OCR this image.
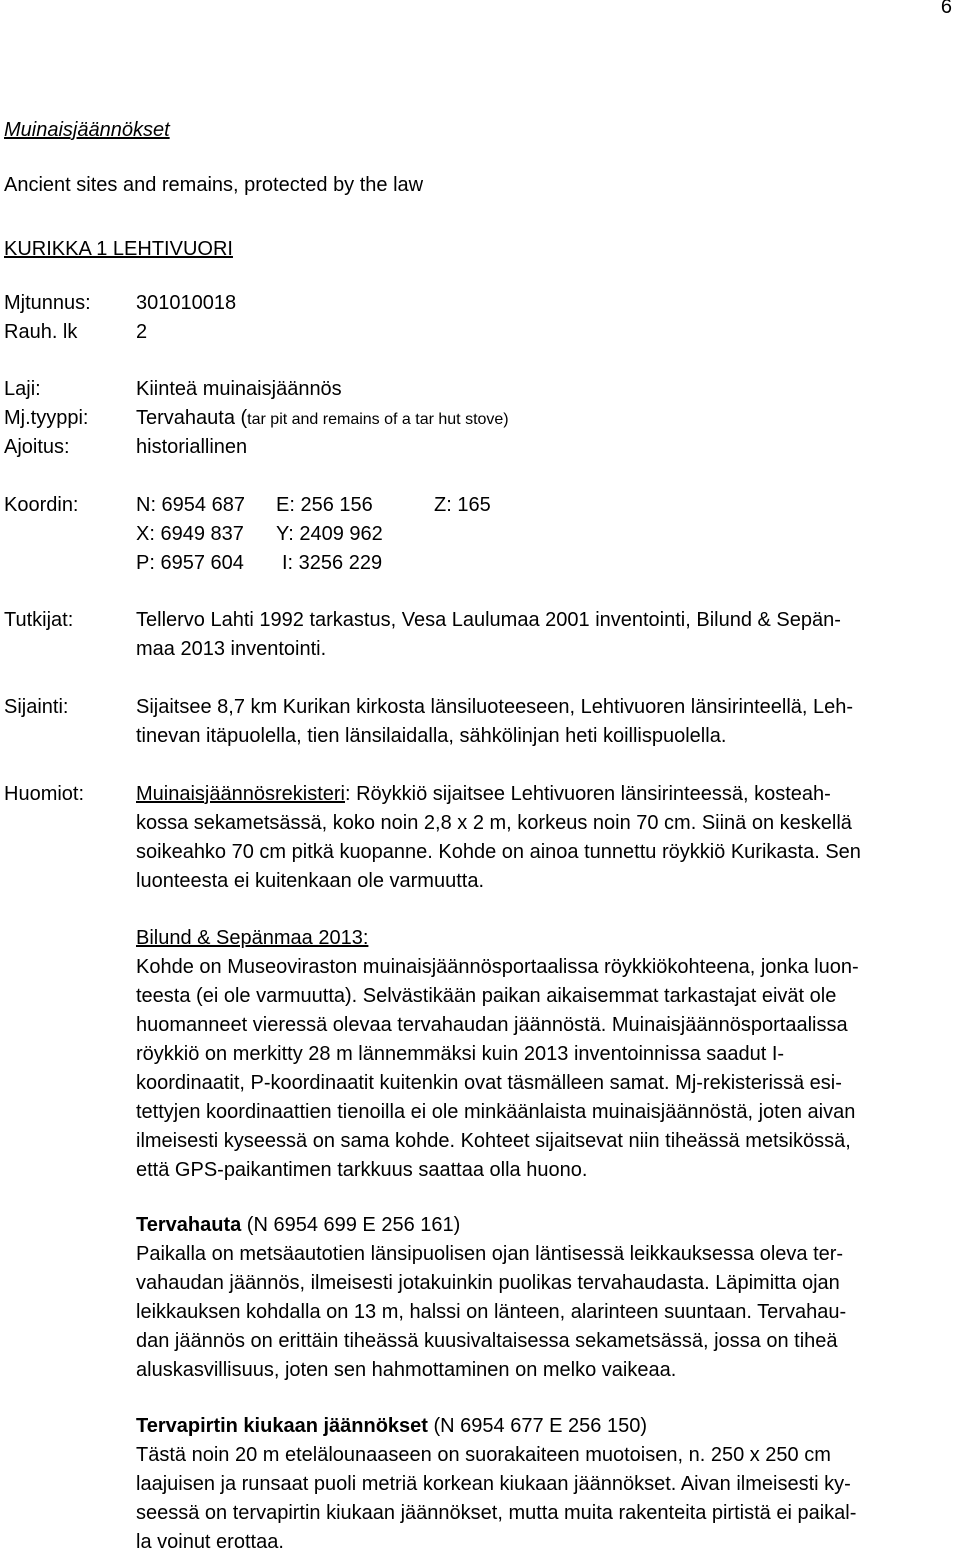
6
Muinaisjäännökset
Ancient sites and remains, protected by the law
KURIKKA 1 LEHTIVUORI
Mjtunnus: 301010018
Rauh. lk	2
Laji:	Kiinteä muinaisjäännös
Mj.tyyppi: Tervahauta (tar pit and remains of a tar hut stove)
Ajoitus:	historiallinen
Koordin:	N: 6954 687 E: 256 156	Z: 165
X: 6949 837 Y: 2409 962
P: 6957 604 I: 3256 229
Tutkijat:	Tellervo Lahti 1992 tarkastus, Vesa Laulumaa 2001 inventointi, Bilund & Sepän-
maa 2013 inventointi.
Sijainti:	Sijaitsee 8,7 km Kurikan kirkosta länsiluoteeseen, Lehtivuoren länsirinteellä, Leh-
tinevan itäpuolella, tien länsilaidalla, sähkölinjan heti koillispuolella.
Huomiot:	Muinaisjäännösrekisteri: Röykkiö sijaitsee Lehtivuoren länsirinteessä, kosteah-
kossa sekametsässä, koko noin 2,8 x 2 m, korkeus noin 70 cm. Siinä on keskellä
soikeahko 70 cm pitkä kuopanne. Kohde on ainoa tunnettu röykkiö Kurikasta. Sen
luonteesta ei kuitenkaan ole varmuutta.
Bilund & Sepänmaa 2013:
Kohde on Museoviraston muinaisjäännösportaalissa röykkiökohteena, jonka luon-
teesta (ei ole varmuutta). Selvästikään paikan aikaisemmat tarkastajat eivät ole
huomanneet vieressä olevaa tervahaudan jäännöstä. Muinaisjäännösportaalissa
röykkiö on merkitty 28 m lännemmäksi kuin 2013 inventoinnissa saadut I-
koordinaatit, P-koordinaatit kuitenkin ovat täsmälleen samat. Mj-rekisterissä esi-
tettyjen koordinaattien tienoilla ei ole minkäänlaista muinaisjäännöstä, joten aivan
ilmeisesti kyseessä on sama kohde. Kohteet sijaitsevat niin tiheässä metsikössä,
että GPS-paikantimen tarkkuus saattaa olla huono.
Tervahauta (N 6954 699 E 256 161)
Paikalla on metsäautotien länsipuolisen ojan läntisessä leikkauksessa oleva ter-
vahaudan jäännös, ilmeisesti jotakuinkin puolikas tervahaudasta. Läpimitta ojan
leikkauksen kohdalla on 13 m, halssi on länteen, alarinteen suuntaan. Tervahau-
dan jäännös on erittäin tiheässä kuusivaltaisessa sekametsässä, jossa on tiheä
aluskasvillisuus, joten sen hahmottaminen on melko vaikeaa.
Tervapirtin kiukaan jäännökset (N 6954 677 E 256 150)
Tästä noin 20 m etelälounaaseen on suorakaiteen muotoisen, n. 250 x 250 cm
laajuisen ja runsaat puoli metriä korkean kiukaan jäännökset. Aivan ilmeisesti ky-
seessä on tervapirtin kiukaan jäännökset, mutta muita rakenteita pirtistä ei paikal-
la voinut erottaa.
